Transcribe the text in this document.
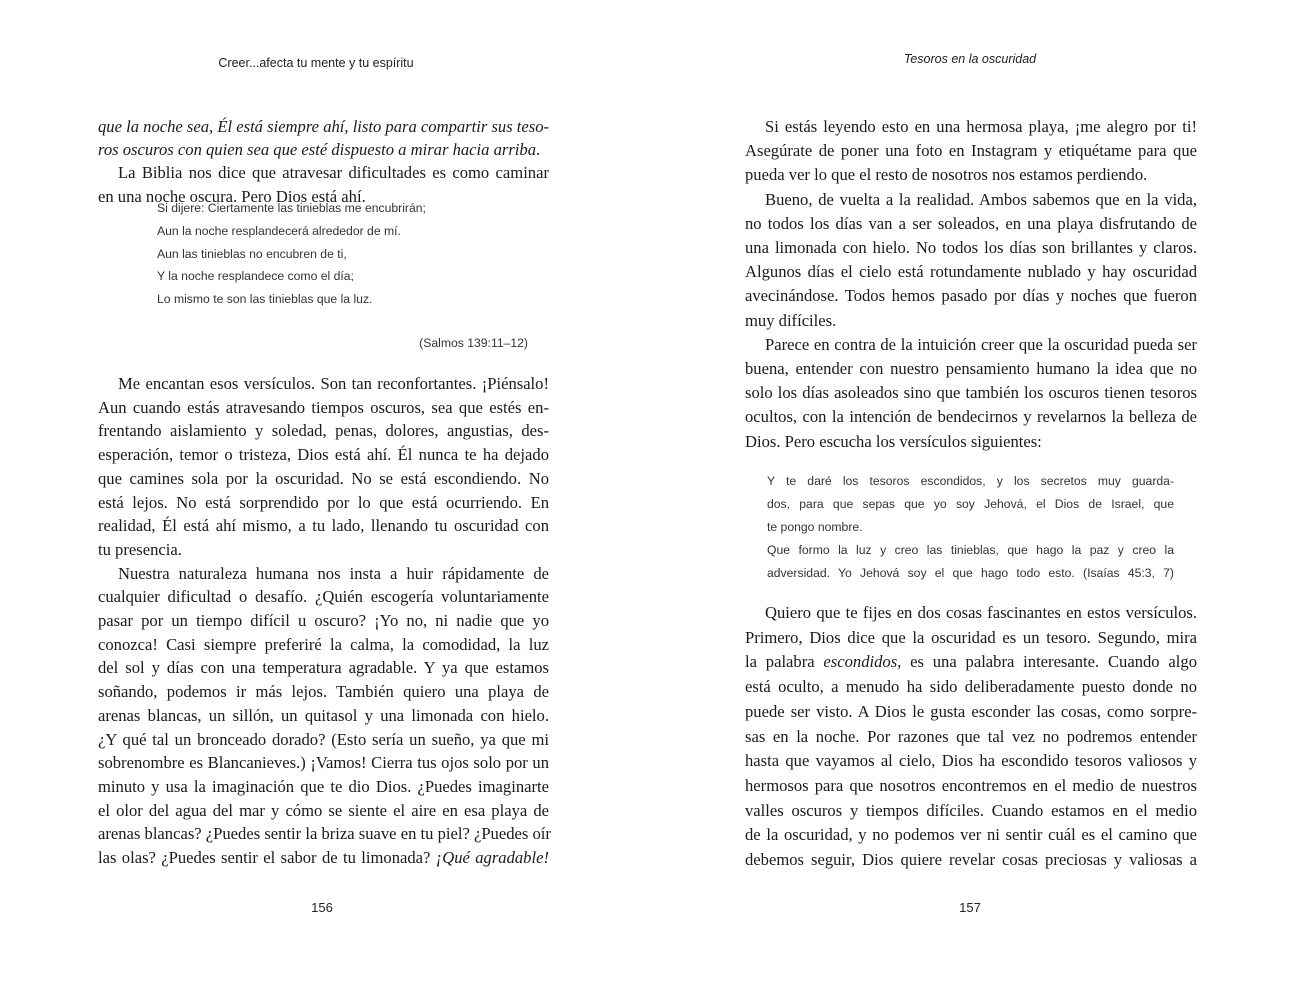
Creer...afecta tu mente y tu espíritu	Tesoros en la oscuridad
que la noche sea, Él está siempre ahí, listo para compartir sus teso-
ros oscuros con quien sea que esté dispuesto a mirar hacia arriba.
La Biblia nos dice que atravesar dificultades es como caminar
en una noche oscura. Pero Dios está ahí.
Si dijere: Ciertamente las tinieblas me encubrirán;
Aun la noche resplandecerá alrededor de mí.
Aun las tinieblas no encubren de ti,
Y la noche resplandece como el día;
Lo mismo te son las tinieblas que la luz.
(Salmos 139:11–12)
Me encantan esos versículos. Son tan reconfortantes. ¡Piénsalo!
Aun cuando estás atravesando tiempos oscuros, sea que estés en-
frentando aislamiento y soledad, penas, dolores, angustias, des-
esperación, temor o tristeza, Dios está ahí. Él nunca te ha dejado
que camines sola por la oscuridad. No se está escondiendo. No
está lejos. No está sorprendido por lo que está ocurriendo. En
realidad, Él está ahí mismo, a tu lado, llenando tu oscuridad con
tu presencia.
Nuestra naturaleza humana nos insta a huir rápidamente de
cualquier dificultad o desafío. ¿Quién escogería voluntariamente
pasar por un tiempo difícil u oscuro? ¡Yo no, ni nadie que yo
conozca! Casi siempre preferiré la calma, la comodidad, la luz
del sol y días con una temperatura agradable. Y ya que estamos
soñando, podemos ir más lejos. También quiero una playa de
arenas blancas, un sillón, un quitasol y una limonada con hielo.
¿Y qué tal un bronceado dorado? (Esto sería un sueño, ya que mi
sobrenombre es Blancanieves.) ¡Vamos! Cierra tus ojos solo por un
minuto y usa la imaginación que te dio Dios. ¿Puedes imaginarte
el olor del agua del mar y cómo se siente el aire en esa playa de
arenas blancas? ¿Puedes sentir la briza suave en tu piel? ¿Puedes oír
las olas? ¿Puedes sentir el sabor de tu limonada? ¡Qué agradable!
Si estás leyendo esto en una hermosa playa, ¡me alegro por ti!
Asegúrate de poner una foto en Instagram y etiquétame para que
pueda ver lo que el resto de nosotros nos estamos perdiendo.
Bueno, de vuelta a la realidad. Ambos sabemos que en la vida,
no todos los días van a ser soleados, en una playa disfrutando de
una limonada con hielo. No todos los días son brillantes y claros.
Algunos días el cielo está rotundamente nublado y hay oscuridad
avecinándose. Todos hemos pasado por días y noches que fueron
muy difíciles.
Parece en contra de la intuición creer que la oscuridad pueda ser
buena, entender con nuestro pensamiento humano la idea que no
solo los días asoleados sino que también los oscuros tienen tesoros
ocultos, con la intención de bendecirnos y revelarnos la belleza de
Dios. Pero escucha los versículos siguientes:
Y te daré los tesoros escondidos, y los secretos muy guarda-
dos, para que sepas que yo soy Jehová, el Dios de Israel, que
te pongo nombre.
Que formo la luz y creo las tinieblas, que hago la paz y creo la
adversidad. Yo Jehová soy el que hago todo esto. (Isaías 45:3, 7)
Quiero que te fijes en dos cosas fascinantes en estos versículos.
Primero, Dios dice que la oscuridad es un tesoro. Segundo, mira
la palabra escondidos, es una palabra interesante. Cuando algo
está oculto, a menudo ha sido deliberadamente puesto donde no
puede ser visto. A Dios le gusta esconder las cosas, como sorpre-
sas en la noche. Por razones que tal vez no podremos entender
hasta que vayamos al cielo, Dios ha escondido tesoros valiosos y
hermosos para que nosotros encontremos en el medio de nuestros
valles oscuros y tiempos difíciles. Cuando estamos en el medio
de la oscuridad, y no podemos ver ni sentir cuál es el camino que
debemos seguir, Dios quiere revelar cosas preciosas y valiosas a
156	157
